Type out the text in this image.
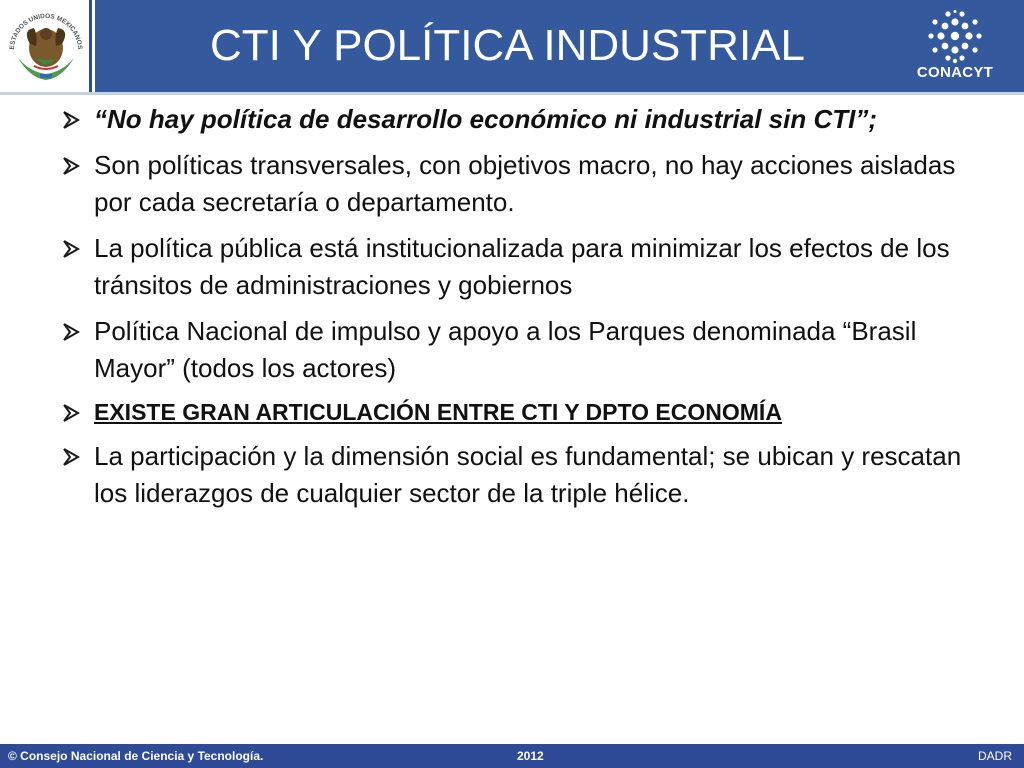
ESTADOS UNIDOS MEXICANOS	CTI Y POLÍTICA INDUSTRIAL
CONACYT
“No hay política de desarrollo económico ni industrial sin CTI”;
Son políticas transversales, con objetivos macro, no hay acciones aisladas por cada secretaría o departamento.
La política pública está institucionalizada para minimizar los efectos de los tránsitos de administraciones y gobiernos
Política Nacional de impulso y apoyo a los Parques denominada “Brasil Mayor” (todos los actores)
EXISTE GRAN ARTICULACIÓN ENTRE CTI Y DPTO ECONOMÍA
La participación y la dimensión social es fundamental; se ubican y rescatan los liderazgos de cualquier sector de la triple hélice.
© Consejo Nacional de Ciencia y Tecnología.	2012	DADR
